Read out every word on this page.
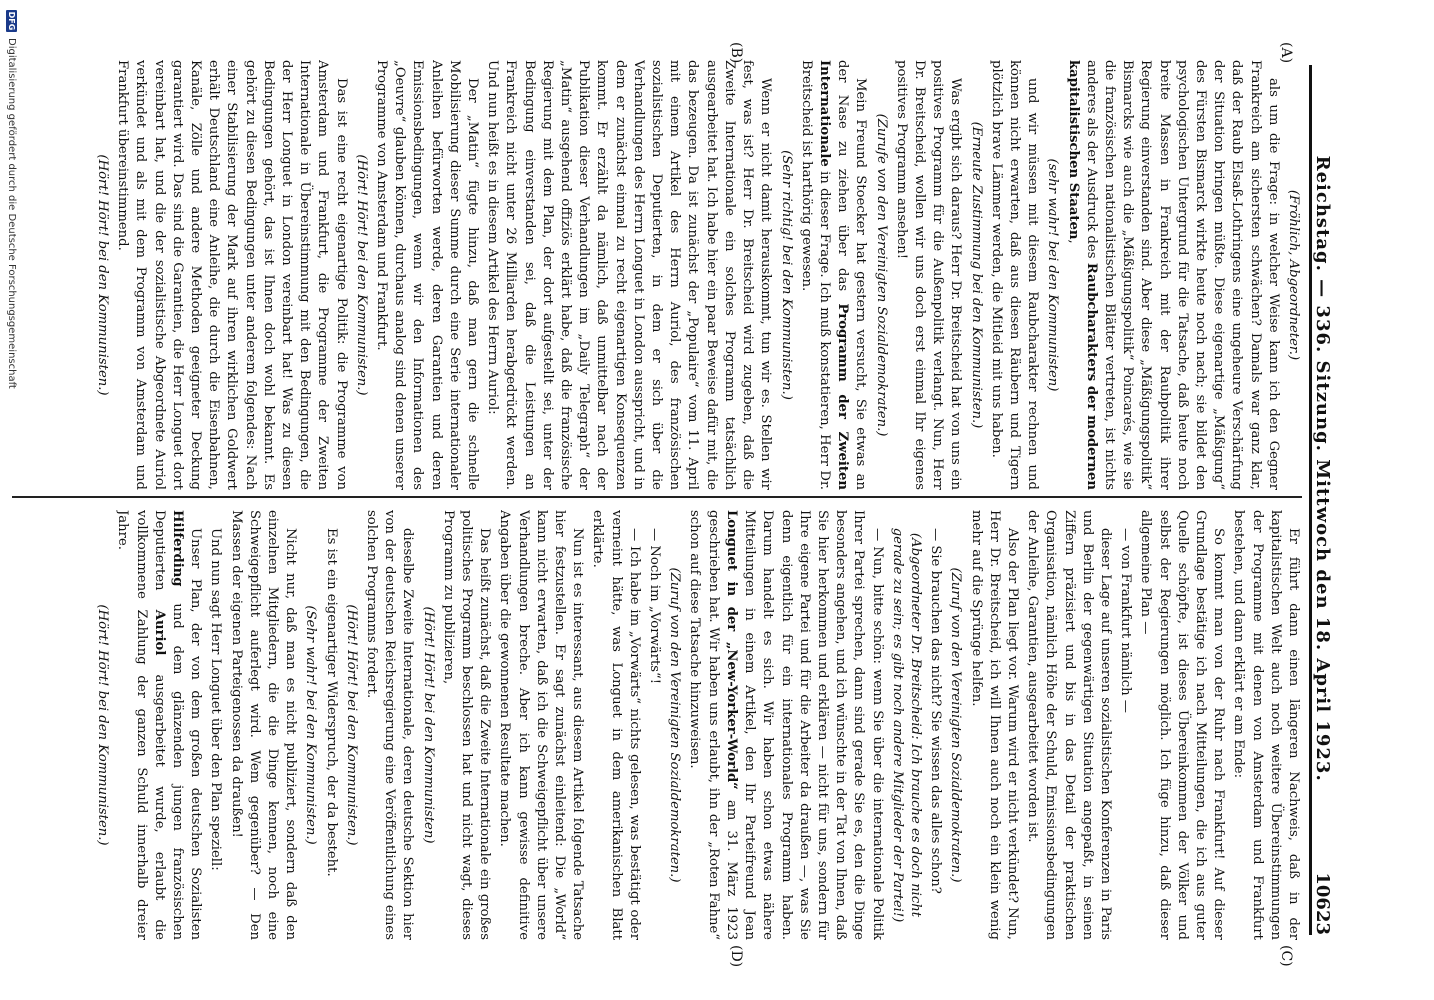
Reichstag. — 336. Sitzung. Mittwoch den 18. April 1923.
10623
(A)
(B)
(C)
(D)

(Fröhlich, Abgeordneter.)

als um die Frage: in welcher Weise kann ich den Gegner Frankreich am sichersten schwächen? Damals war ganz klar, daß der Raub Elsaß-Lothringens eine ungeheure Verschärfung der Situation bringen müßte. Diese eigenartige „Mäßigung“ des Fürsten Bismarck wirkte heute noch nach; sie bildet den psychologischen Untergrund für die Tatsache, daß heute noch breite Massen in Frankreich mit der Raubpolitik ihrer Regierung einverstanden sind. Aber diese „Mäßigungspolitik“ Bismarcks wie auch die „Mäßigungspolitik“ Poincarés, wie sie die französischen nationalistischen Blätter vertreten, ist nichts anderes als der Ausdruck des Raubcharakters der modernen kapitalistischen Staaten,

(sehr wahr! bei den Kommunisten)

und wir müssen mit diesem Raubcharakter rechnen und können nicht erwarten, daß aus diesen Räubern und Tigern plötzlich brave Lämmer werden, die Mitleid mit uns haben.

(Erneute Zustimmung bei den Kommunisten.)

Was ergibt sich daraus? Herr Dr. Breitscheid hat von uns ein positives Programm für die Außenpolitik verlangt. Nun, Herr Dr. Breitscheid, wollen wir uns doch erst einmal Ihr eigenes positives Programm ansehen!

(Zurufe von den Vereinigten Sozialdemokraten.)

Mein Freund Stoecker hat gestern versucht, Sie etwas an der Nase zu ziehen über das Programm der Zweiten Internationale in dieser Frage. Ich muß konstatieren, Herr Dr. Breitscheid ist harthörig gewesen.

(Sehr richtig! bei den Kommunisten.)

Wenn er nicht damit herauskommt, tun wir es. Stellen wir fest, was ist? Herr Dr. Breitscheid wird zugeben, daß die Zweite Internationale ein solches Programm tatsächlich ausgearbeitet hat. Ich habe hier ein paar Beweise dafür mit, die das bezeugen. Da ist zunächst der „Populaire“ vom 11. April mit einem Artikel des Herrn Auriol, des französischen sozialistischen Deputierten, in dem er sich über die Verhandlungen des Herrn Longuet in London ausspricht, und in dem er zunächst einmal zu recht eigenartigen Konsequenzen kommt. Er erzählt da nämlich, daß unmittelbar nach der Publikation dieser Verhandlungen im „Daily Telegraph“ der „Matin“ ausgehend offiziös erklärt habe, daß die französische Regierung mit dem Plan, der dort aufgestellt sei, unter der Bedingung einverstanden sei, daß die Leistungen an Frankreich nicht unter 26 Milliarden herabgedrückt werden. Und nun heißt es in diesem Artikel des Herrn Auriol:

Der „Matin“ fügte hinzu, daß man gern die schnelle Mobilisierung dieser Summe durch eine Serie internationaler Anleihen befürworten werde, deren Garantien und deren Emissionsbedingungen, wenn wir den Informationen des „Oeuvre“ glauben können, durchaus analog sind denen unserer Programme von Amsterdam und Frankfurt.

(Hört! Hört! bei den Kommunisten.)

Das ist eine recht eigenartige Politik: die Programme von Amsterdam und Frankfurt, die Programme der Zweiten Internationale in Übereinstimmung mit den Bedingungen, die der Herr Longuet in London vereinbart hat! Was zu diesen Bedingungen gehört, das ist Ihnen doch wohl bekannt. Es gehört zu diesen Bedingungen unter anderem folgendes: Nach einer Stabilisierung der Mark auf ihren wirklichen Goldwert erhält Deutschland eine Anleihe, die durch die Eisenbahnen, Kanäle, Zölle und andere Methoden geeigneter Deckung garantiert wird. Das sind die Garantien, die Herr Longuet dort vereinbart hat, und die der sozialistische Abgeordnete Auriol verkündet und als mit dem Programm von Amsterdam und Frankfurt übereinstimmend.

(Hört! Hört! bei den Kommunisten.)

Er führt dann einen längeren Nachweis, daß in der kapitalistischen Welt auch noch weitere Übereinstimmungen der Programme mit denen von Amsterdam und Frankfurt bestehen, und dann erklärt er am Ende:

So kommt man von der Ruhr nach Frankfurt! Auf dieser Grundlage bestätige ich nach Mitteilungen, die ich aus guter Quelle schöpfte, ist dieses Übereinkommen der Völker und selbst der Regierungen möglich. Ich füge hinzu, daß dieser allgemeine Plan —

— von Frankfurt nämlich —

dieser Lage auf unseren sozialistischen Konferenzen in Paris und Berlin der gegenwärtigen Situation angepaßt, in seinen Ziffern präzisiert und bis in das Detail der praktischen Organisation, nämlich Höhe der Schuld, Emissionsbedingungen der Anleihe, Garantien, ausgearbeitet worden ist.

Also der Plan liegt vor. Warum wird er nicht verkündet? Nun, Herr Dr. Breitscheid, ich will Ihnen auch noch ein klein wenig mehr auf die Sprünge helfen.

(Zuruf von den Vereinigten Sozialdemokraten.)

— Sie brauchen das nicht? Sie wissen das alles schon?

(Abgeordneter Dr. Breitscheid: Ich brauche es doch nicht gerade zu sein; es gibt noch andere Mitglieder der Partei!)

— Nun, bitte schön: wenn Sie über die internationale Politik Ihrer Partei sprechen, dann sind gerade Sie es, den die Dinge besonders angehen, und ich wünschte in der Tat von Ihnen, daß Sie hier herkommen und erklären — nicht für uns, sondern für Ihre eigene Partei und für die Arbeiter da draußen —, was Sie denn eigentlich für ein internationales Programm haben. Darum handelt es sich. Wir haben schon etwas nähere Mitteilungen in einem Artikel, den Ihr Parteifreund Jean Longuet in der „New-Yorker-World“ am 31. März 1923 geschrieben hat. Wir haben uns erlaubt, ihn der „Roten Fahne“ schon auf diese Tatsache hinzuweisen.

(Zuruf von den Vereinigten Sozialdemokraten.)

— Noch im „Vorwärts“!

— Ich habe im „Vorwärts“ nichts gelesen, was bestätigt oder verneint hätte, was Longuet in dem amerikanischen Blatt erklärte.

Nun ist es interessant, aus diesem Artikel folgende Tatsache hier festzustellen. Er sagt zunächst einleitend: Die „World“ kann nicht erwarten, daß ich die Schweigepflicht über unsere Verhandlungen breche. Aber ich kann gewisse definitive Angaben über die gewonnenen Resultate machen.

Das heißt zunächst, daß die Zweite Internationale ein großes politisches Programm beschlossen hat und nicht wagt, dieses Programm zu publizieren,

(Hört! Hört! bei den Kommunisten)

dieselbe Zweite Internationale, deren deutsche Sektion hier von der deutschen Reichsregierung eine Veröffentlichung eines solchen Programms fordert.

(Hört! Hört! bei den Kommunisten.)

Es ist ein eigenartiger Widerspruch, der da besteht.

(Sehr wahr! bei den Kommunisten.)

Nicht nur, daß man es nicht publiziert, sondern daß den einzelnen Mitgliedern, die die Dinge kennen, noch eine Schweigepflicht auferlegt wird. Wem gegenüber? — Den Massen der eigenen Parteigenossen da draußen!

Und nun sagt Herr Longuet über den Plan speziell:

Unser Plan, der von dem großen deutschen Sozialisten Hilferding und dem glänzenden jungen französischen Deputierten Auriol ausgearbeitet wurde, erlaubt die vollkommene Zahlung der ganzen Schuld innerhalb dreier Jahre.

(Hört! Hört! bei den Kommunisten.)

DFG
Digitalisierung gefördert durch die Deutsche Forschungsgemeinschaft
